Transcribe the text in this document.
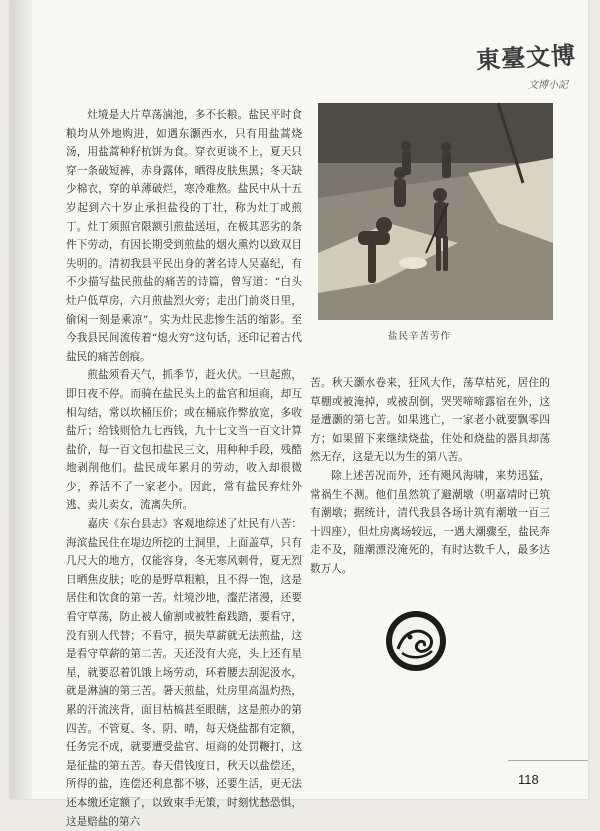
東臺文博
文博小記

灶境是大片草荡滷池，多不长粮。盐民平时食粮均从外地购进，如遇东灏西水，只有用盐蒿烧汤，用盐蒿种籽杭饼为食。穿衣更谈不上，夏天只穿一条破短裤，赤身露体，晒得皮肤焦黑；冬天缺少棉衣，穿的单薄破烂，寒冷难熬。盐民中从十五岁起到六十岁止承担盐役的丁壮，称为灶丁或煎丁。灶丁须照官限额引煎盐送垣，在极其恶劣的条件下劳动，有因长期受到煎盐的烟火熏灼以致双目失明的。清初我县平民出身的著名诗人吴嘉纪，有不少描写盐民煎盐的痛苦的诗篇，曾写道：“白头灶户低草房，六月煎盐烈火旁；走出门前炎日里，偷闲一刻是乘凉”。实为灶民悲惨生活的缩影。至今我县民间流传着“熄火穷”这句话，还印记着古代盐民的痛苦创痕。

煎盐须看天气，抓季节，赶火伏。一旦起煎，即日夜不停。而骑在盐民头上的盐官和垣商，却互相勾结，常以坎桶压价；或在桶底作弊放宽，多收盐斤；给钱则恰九七西钱，九十七文当一百文计算盐价，每一百文包扣盐民三文，用种种手段，残酷地剥削他们。盐民成年累月的劳动，收入却很微少，养活不了一家老小。因此，常有盐民弃灶外逃、卖儿卖女，流离失所。

嘉庆《东台县志》客观地综述了灶民有八苦：海滨盐民住在堤边所挖的土洞里，上面盖草，只有几尺大的地方，仅能容身，冬无寒风刺骨，夏无烈日晒焦皮肤；吃的是野草粗粮，且不得一饱，这是居住和饮食的第一苦。灶境沙地，瀣茫渚漫，还要看守草荡，防止被人偷割或被牲畜践踏，要看守，没有别人代替；不看守，损失草薪就无法煎盐，这是看守草薪的第二苦。天还没有大亮，头上还有星星，就要忍着饥饿上场劳动，环着腰去刮泥汲水，就是淋滷的第三苦。暑天煎盐，灶房里高温灼热，累的汗流浃背，面目枯槁甚至眼瞎，这是煎办的第四苦。不管夏、冬、阴、晴，每天烧盐都有定额，任务完不成，就要遭受盐官、垣商的处罚鞭打，这是征盐的第五苦。春天借钱度日，秋天以盐偿还，所得的盐，连偿还利息都不够，还要生活，更无法还本缴还定额了，以致束手无策，时刻忧愁恐惧，这是赔盐的第六

盐民辛苦劳作

苦。秋天灏水卷来，狂风大作，荡草枯死，居住的草棚或被淹掉，或被刮倒，哭哭啼啼露宿在外，这是遭灏的第七苦。如果逃亡，一家老小就要飘零四方；如果留下来继续烧盐，住处和烧盐的器具却荡然无存，这是无以为生的第八苦。

除上述苦况而外，还有飓风海啸，来势迅猛，常祸生不测。他们虽然筑了避潮墩（明嘉靖时已筑有潮墩；据统计，清代我县各场计筑有潮墩一百三十四座），但灶房离场较远，一遇大潮骤至，盐民奔走不及，随潮漂没淹死的，有时达数千人，最多达数万人。

118
